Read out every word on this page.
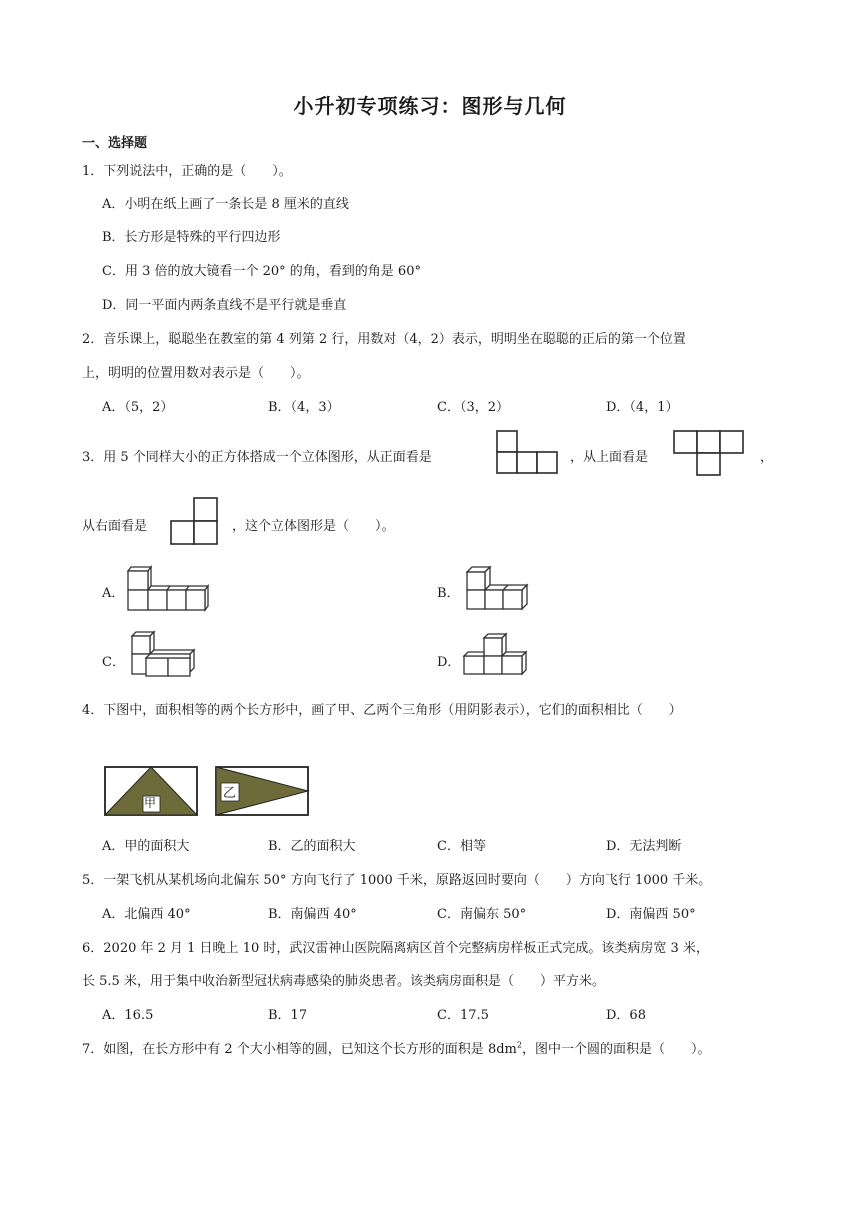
小升初专项练习：图形与几何
一、选择题
1．下列说法中，正确的是（　　）。
A．小明在纸上画了一条长是 8 厘米的直线
B．长方形是特殊的平行四边形
C．用 3 倍的放大镜看一个 20° 的角，看到的角是 60°
D．同一平面内两条直线不是平行就是垂直
2．音乐课上，聪聪坐在教室的第 4 列第 2 行，用数对（4，2）表示，明明坐在聪聪的正后的第一个位置
上，明明的位置用数对表示是（　　）。
A．（5，2）	B．（4，3）	C．（3，2）	D．（4，1）
3．用 5 个同样大小的正方体搭成一个立体图形，从正面看是	，从上面看是	，
从右面看是	，这个立体图形是（　　）。
A．	B．
C．	D．
4．下图中，面积相等的两个长方形中，画了甲、乙两个三角形（用阴影表示），它们的面积相比（　　）
甲
乙
A．甲的面积大	B．乙的面积大	C．相等	D．无法判断
5．一架飞机从某机场向北偏东 50° 方向飞行了 1000 千米，原路返回时要向（　　）方向飞行 1000 千米。
A．北偏西 40°	B．南偏西 40°	C．南偏东 50°	D．南偏西 50°
6．2020 年 2 月 1 日晚上 10 时，武汉雷神山医院隔离病区首个完整病房样板正式完成。该类病房宽 3 米，
长 5.5 米，用于集中收治新型冠状病毒感染的肺炎患者。该类病房面积是（　　）平方米。
A．16.5	B．17	C．17.5	D．68
7．如图，在长方形中有 2 个大小相等的圆，已知这个长方形的面积是 $8dm^2$，图中一个圆的面积是（　　）。
